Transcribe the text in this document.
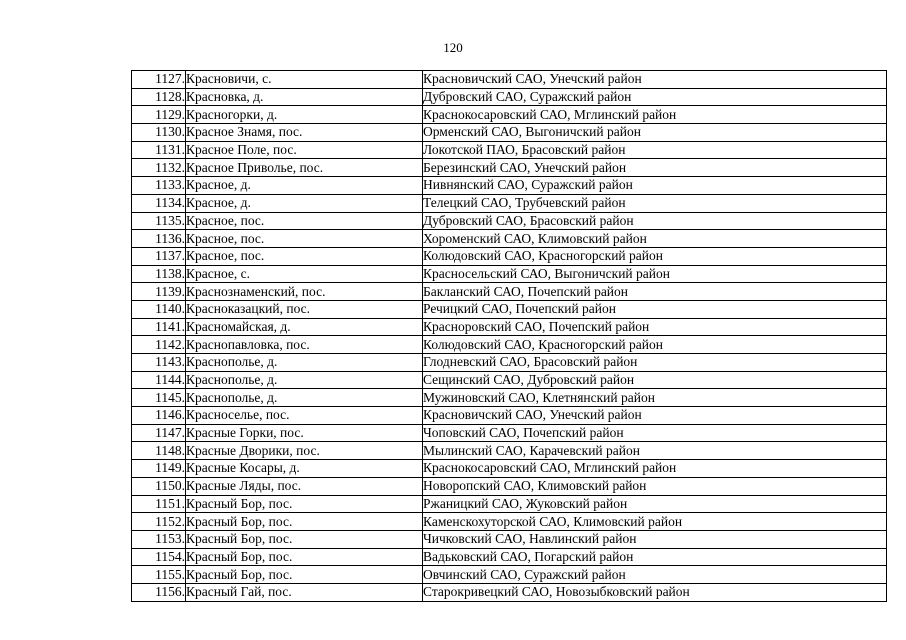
120
1127.	Красновичи, с.	Красновичский САО, Унечский район
1128.	Красновка, д.	Дубровский САО, Суражский район
1129.	Красногорки, д.	Краснокосаровский САО, Мглинский район
1130.	Красное Знамя, пос.	Орменский САО, Выгоничский район
1131.	Красное Поле, пос.	Локотской ПАО, Брасовский район
1132.	Красное Приволье, пос.	Березинский САО, Унечский район
1133.	Красное, д.	Нивнянский САО, Суражский район
1134.	Красное, д.	Телецкий САО, Трубчевский район
1135.	Красное, пос.	Дубровский САО, Брасовский район
1136.	Красное, пос.	Хороменский САО, Климовский район
1137.	Красное, пос.	Колюдовский САО, Красногорский район
1138.	Красное, с.	Красносельский САО, Выгоничский район
1139.	Краснознаменский, пос.	Бакланский САО, Почепский район
1140.	Красноказацкий, пос.	Речицкий САО, Почепский район
1141.	Красномайская, д.	Красноровский САО, Почепский район
1142.	Краснопавловка, пос.	Колюдовский САО, Красногорский район
1143.	Краснополье, д.	Глодневский САО, Брасовский район
1144.	Краснополье, д.	Сещинский САО, Дубровский район
1145.	Краснополье, д.	Мужиновский САО, Клетнянский район
1146.	Красноселье, пос.	Красновичский САО, Унечский район
1147.	Красные Горки, пос.	Чоповский САО, Почепский район
1148.	Красные Дворики, пос.	Мылинский САО, Карачевский район
1149.	Красные Косары, д.	Краснокосаровский САО, Мглинский район
1150.	Красные Ляды, пос.	Новоропский САО, Климовский район
1151.	Красный Бор, пос.	Ржаницкий САО, Жуковский район
1152.	Красный Бор, пос.	Каменскохуторской САО, Климовский район
1153.	Красный Бор, пос.	Чичковский САО, Навлинский район
1154.	Красный Бор, пос.	Вадьковский САО, Погарский район
1155.	Красный Бор, пос.	Овчинский САО, Суражский район
1156.	Красный Гай, пос.	Старокривецкий САО, Новозыбковский район
